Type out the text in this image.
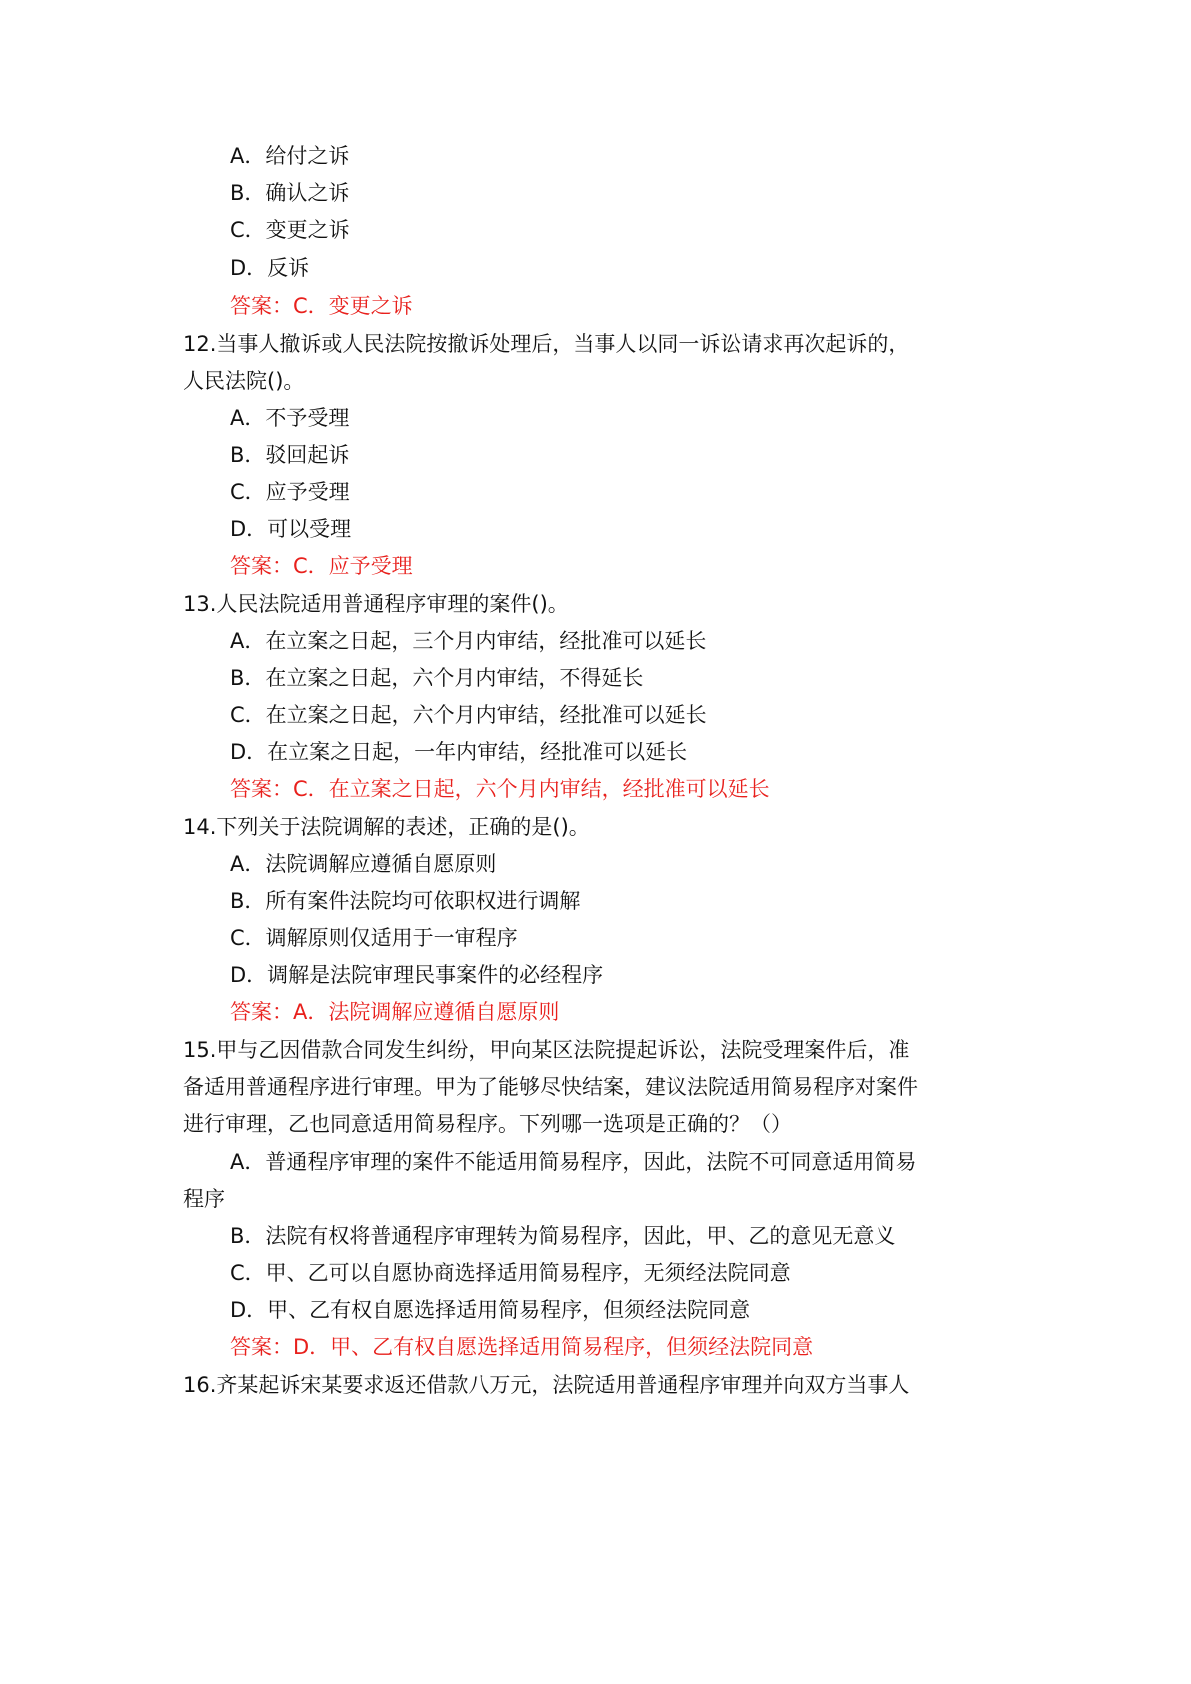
A．给付之诉
B．确认之诉
C．变更之诉
D．反诉
答案：C．变更之诉
12.当事人撤诉或人民法院按撤诉处理后，当事人以同一诉讼请求再次起诉的，
人民法院()。
A．不予受理
B．驳回起诉
C．应予受理
D．可以受理
答案：C．应予受理
13.人民法院适用普通程序审理的案件()。
A．在立案之日起，三个月内审结，经批准可以延长
B．在立案之日起，六个月内审结，不得延长
C．在立案之日起，六个月内审结，经批准可以延长
D．在立案之日起，一年内审结，经批准可以延长
答案：C．在立案之日起，六个月内审结，经批准可以延长
14.下列关于法院调解的表述，正确的是()。
A．法院调解应遵循自愿原则
B．所有案件法院均可依职权进行调解
C．调解原则仅适用于一审程序
D．调解是法院审理民事案件的必经程序
答案：A．法院调解应遵循自愿原则
15.甲与乙因借款合同发生纠纷，甲向某区法院提起诉讼，法院受理案件后，准
备适用普通程序进行审理。甲为了能够尽快结案，建议法院适用简易程序对案件
进行审理，乙也同意适用简易程序。下列哪一选项是正确的？（）
A．普通程序审理的案件不能适用简易程序，因此，法院不可同意适用简易
程序
B．法院有权将普通程序审理转为简易程序，因此，甲、乙的意见无意义
C．甲、乙可以自愿协商选择适用简易程序，无须经法院同意
D．甲、乙有权自愿选择适用简易程序，但须经法院同意
答案：D．甲、乙有权自愿选择适用简易程序，但须经法院同意
16.齐某起诉宋某要求返还借款八万元，法院适用普通程序审理并向双方当事人
